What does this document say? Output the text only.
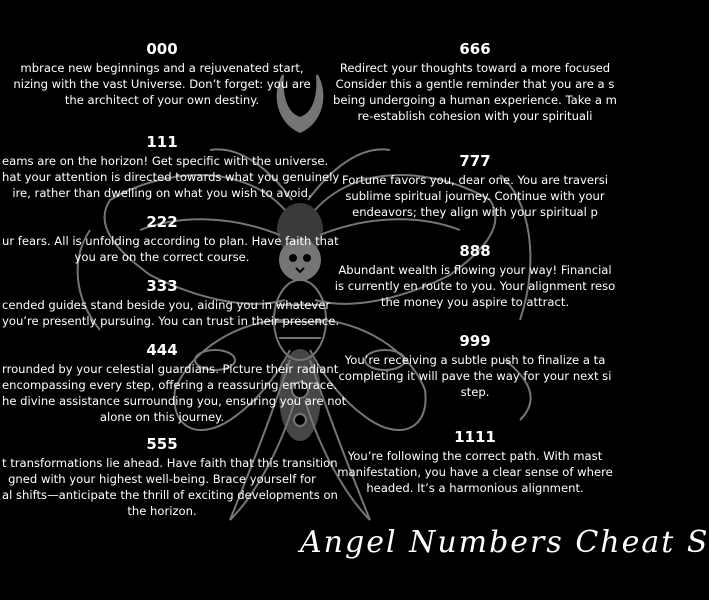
000
mbrace new beginnings and a rejuvenated start,
nizing with the vast Universe. Don’t forget: you are
the architect of your own destiny.
111
eams are on the horizon! Get specific with the universe.
hat your attention is directed towards what you genuinely
ire, rather than dwelling on what you wish to avoid.
222
ur fears. All is unfolding according to plan. Have faith that
you are on the correct course.
333
cended guides stand beside you, aiding you in whatever
you’re presently pursuing. You can trust in their presence.
444
rrounded by your celestial guardians. Picture their radiant
encompassing every step, offering a reassuring embrace.
he divine assistance surrounding you, ensuring you are not
alone on this journey.
555
t transformations lie ahead. Have faith that this transition
gned with your highest well-being. Brace yourself for
al shifts—anticipate the thrill of exciting developments on
the horizon.
666
Redirect your thoughts toward a more focused
Consider this a gentle reminder that you are a s
being undergoing a human experience. Take a m
re-establish cohesion with your spirituali
777
Fortune favors you, dear one. You are traversi
sublime spiritual journey. Continue with your
endeavors; they align with your spiritual p
888
Abundant wealth is flowing your way! Financial
is currently en route to you. Your alignment reso
the money you aspire to attract.
999
You’re receiving a subtle push to finalize a ta
completing it will pave the way for your next si
step.
1111
You’re following the correct path. With mast
manifestation, you have a clear sense of where
headed. It’s a harmonious alignment.
Angel Numbers Cheat S
